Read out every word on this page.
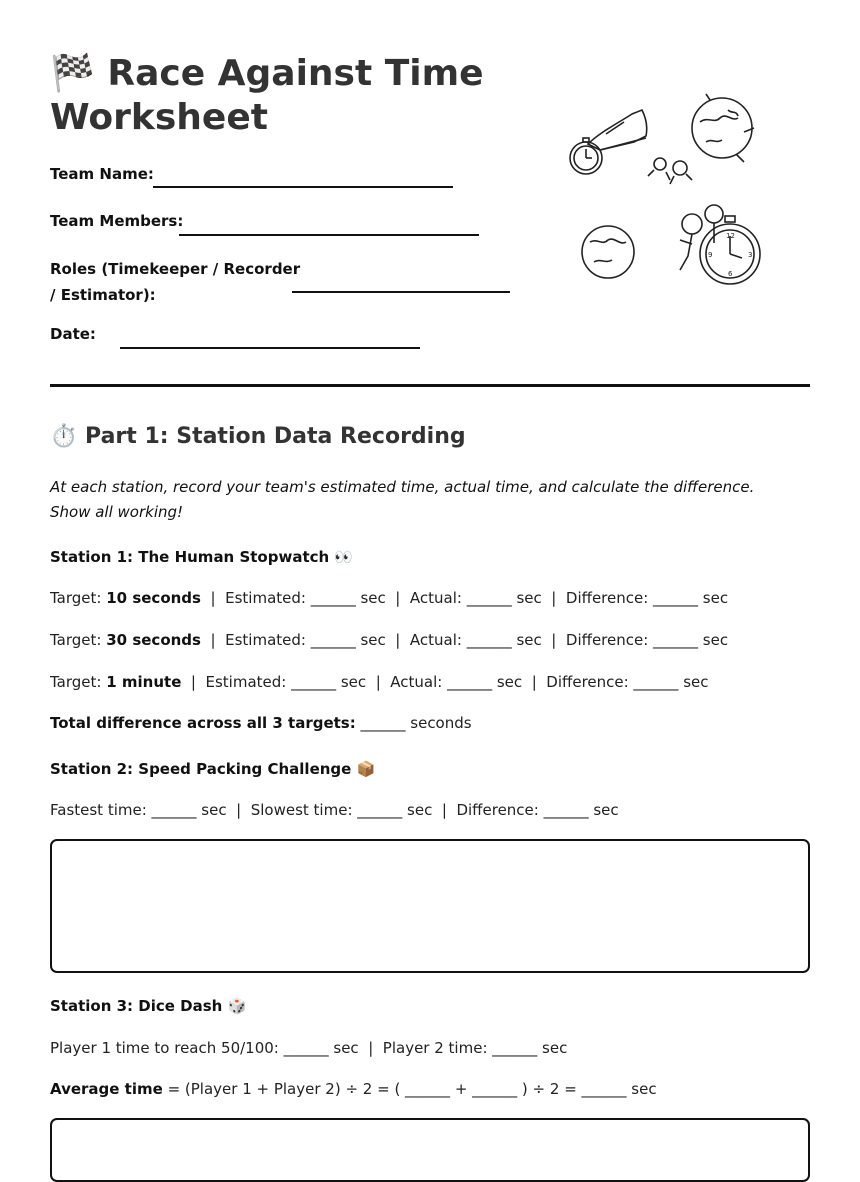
🏁 Race Against Time
Worksheet
Team Name:
Team Members:
Roles (Timekeeper / Recorder
/ Estimator):
Date:
12
3
6
9
⏱️ Part 1: Station Data Recording
At each station, record your team's estimated time, actual time, and calculate the difference. Show all working!
Station 1: The Human Stopwatch 👀
Target: 10 seconds  |  Estimated: ______ sec  |  Actual: ______ sec  |  Difference: ______ sec
Target: 30 seconds  |  Estimated: ______ sec  |  Actual: ______ sec  |  Difference: ______ sec
Target: 1 minute  |  Estimated: ______ sec  |  Actual: ______ sec  |  Difference: ______ sec
Total difference across all 3 targets: ______ seconds
Station 2: Speed Packing Challenge 📦
Fastest time: ______ sec  |  Slowest time: ______ sec  |  Difference: ______ sec
Station 3: Dice Dash 🎲
Player 1 time to reach 50/100: ______ sec  |  Player 2 time: ______ sec
Average time = (Player 1 + Player 2) ÷ 2 = ( ______ + ______ ) ÷ 2 = ______ sec
